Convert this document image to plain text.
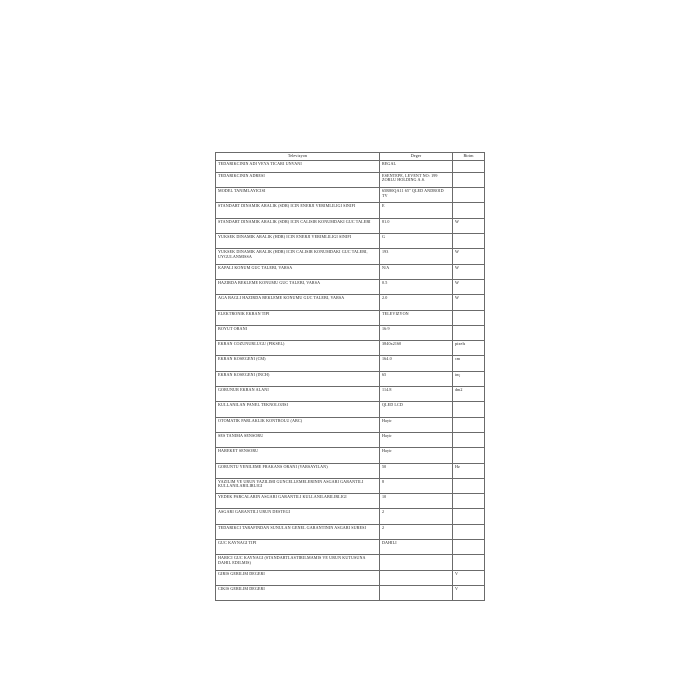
Televizyon	Deger	Birim
TEDARIKCININ ADI VEYA TICARI UNVANI	REGAL	
TEDARIKCININ ADRESI	ESENTEPE, LEVENT NO: 199 ZORLU HOLDING A.S.	
MODEL TANIMLAYICISI	65R80QA11 65'' QLED ANDROID TV	
STANDART DINAMIK ARALIK (SDR) ICIN ENERJI VERIMLILIGI SINIFI	E	
STANDART DINAMIK ARALIK (SDR) ICIN CALISIR KONUMDAKI GUC TALEBI	81.0	W
YUKSEK DINAMIK ARALIK (HDR) ICIN ENERJI VERIMLILIGI SINIFI	G	
YUKSEK DINAMIK ARALIK (HDR) ICIN CALISIR KONUMDAKI GUC TALEBI, UYGULANMISSA	193	W
KAPALI KONUM GUC TALEBI, VARSA	N/A	W
HAZIRDA BEKLEME KONUMU GUC TALEBI, VARSA	0.5	W
AGA BAGLI HAZIRDA BEKLEME KONUMU GUC TALEBI, VARSA	2.0	W
ELEKTRONIK EKRAN TIPI	TELEVIZYON	
BOYUT ORANI	16:9	
EKRAN COZUNURLUGU (PIKSEL)	3840x2160	pixels
EKRAN KOSEGENI (CM)	164.0	cm
EKRAN KOSEGENI (INCH)	65	inç
GORUNUR EKRAN ALANI	114.8	dm2
KULLANILAN PANEL TEKNOLOJISI	QLED LCD	
OTOMATIK PARLAKLIK KONTROLU (ABC)	Hayir	
SES TANIMA SENSORU	Hayir	
HAREKET SENSORU	Hayir	
GORUNTU YENILEME FRAKANS ORANI (VARSAYILAN)	50	Hz
YAZILIM VE URUN YAZILIMI GUNCELLEMELERININ ASGARI GARANTILI KULLANILABILIRLIGI	8	
YEDEK PARCALARIN ASGARI GARANTILI KULLANILABILIRLIGI	10	
ASGARI GARANTILI URUN DESTEGI	2	
TEDARIKCI TARAFINDAN SUNULAN GENEL GARANTININ ASGARI SURESI	2	
GUC KAYNAGI TIPI	DAHILI	
HARICI GUC KAYNAGI (STANDARTLASTIRILMAMIS VE URUN KUTUSUNA DAHIL EDILMIS)		
GIRIS GERILIM DEGERI		V
CIKIS GERILIM DEGERI		V
